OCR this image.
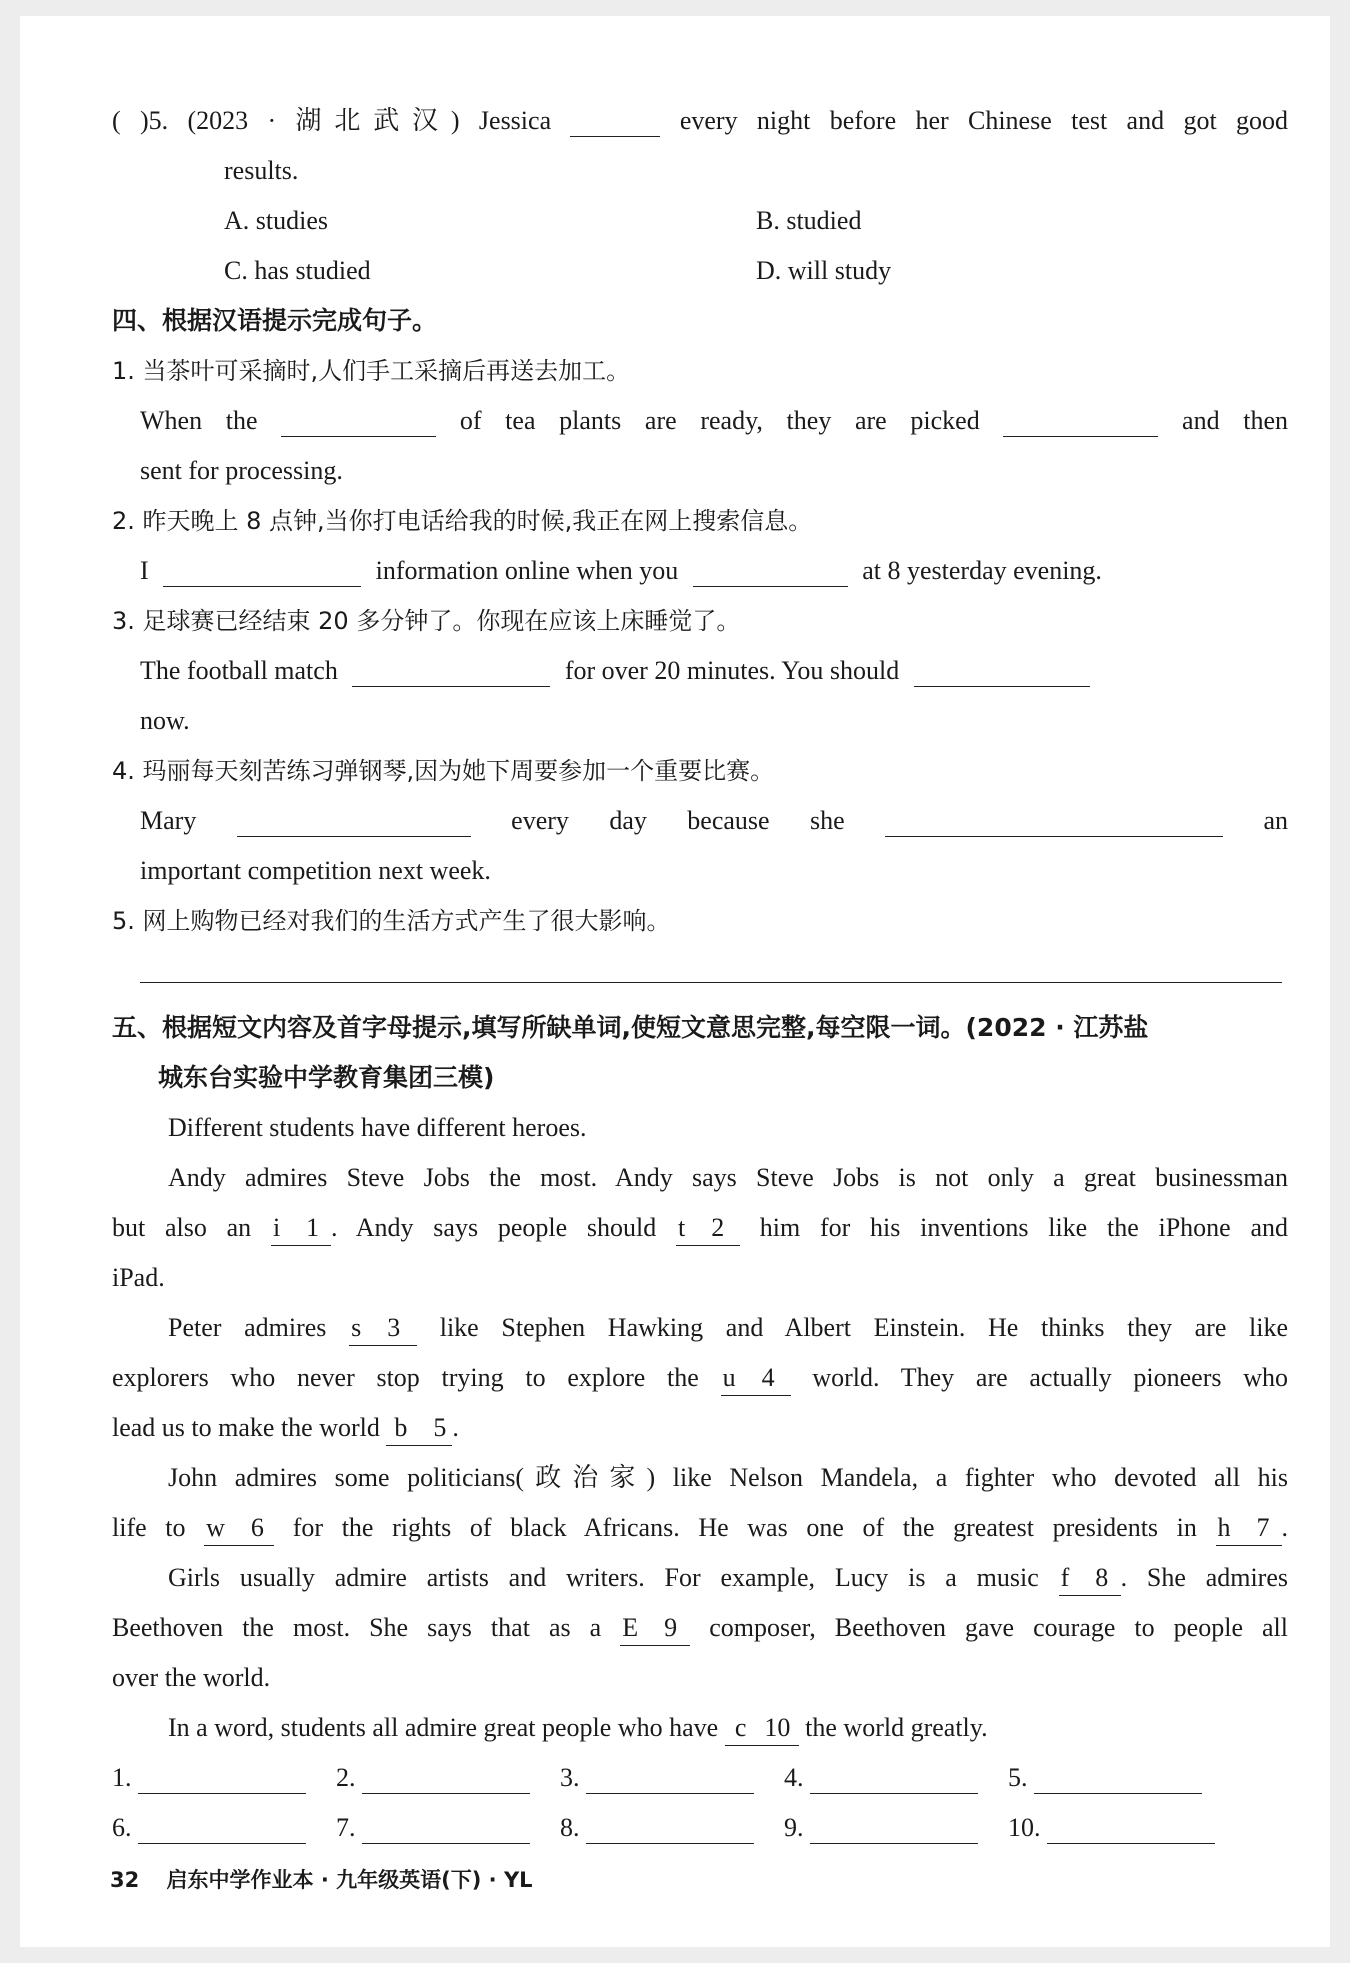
( )5. (2023 · 湖北武汉) Jessica	every night before her Chinese test and got good
results.
A. studies	B. studied
C. has studied	D. will study
四、根据汉语提示完成句子。
1. 当茶叶可采摘时,人们手工采摘后再送去加工。
When the	of tea plants are ready, they are picked	and then
sent for processing.
2. 昨天晚上 8 点钟,当你打电话给我的时候,我正在网上搜索信息。
I	information online when you	at 8 yesterday evening.
3. 足球赛已经结束 20 多分钟了。你现在应该上床睡觉了。
The football match	for over 20 minutes. You should
now.
4. 玛丽每天刻苦练习弹钢琴,因为她下周要参加一个重要比赛。
Mary	every day because she	an
important competition next week.
5. 网上购物已经对我们的生活方式产生了很大影响。
五、根据短文内容及首字母提示,填写所缺单词,使短文意思完整,每空限一词。(2022 · 江苏盐
城东台实验中学教育集团三模)
Different students have different heroes.
Andy admires Steve Jobs the most. Andy says Steve Jobs is not only a great businessman
but also an i 1 . Andy says people should t 2 him for his inventions like the iPhone and
iPad.
Peter admires s 3 like Stephen Hawking and Albert Einstein. He thinks they are like
explorers who never stop trying to explore the u 4 world. They are actually pioneers who
lead us to make the world b 5 .
John admires some politicians(政治家) like Nelson Mandela, a fighter who devoted all his
life to w 6 for the rights of black Africans. He was one of the greatest presidents in h 7 .
Girls usually admire artists and writers. For example, Lucy is a music f 8 . She admires
Beethoven the most. She says that as a E 9 composer, Beethoven gave courage to people all
over the world.
In a word, students all admire great people who have c 10 the world greatly.
1.	2.	3.	4.	5.
6.	7.	8.	9.	10.
32 启东中学作业本 · 九年级英语(下) · YL
